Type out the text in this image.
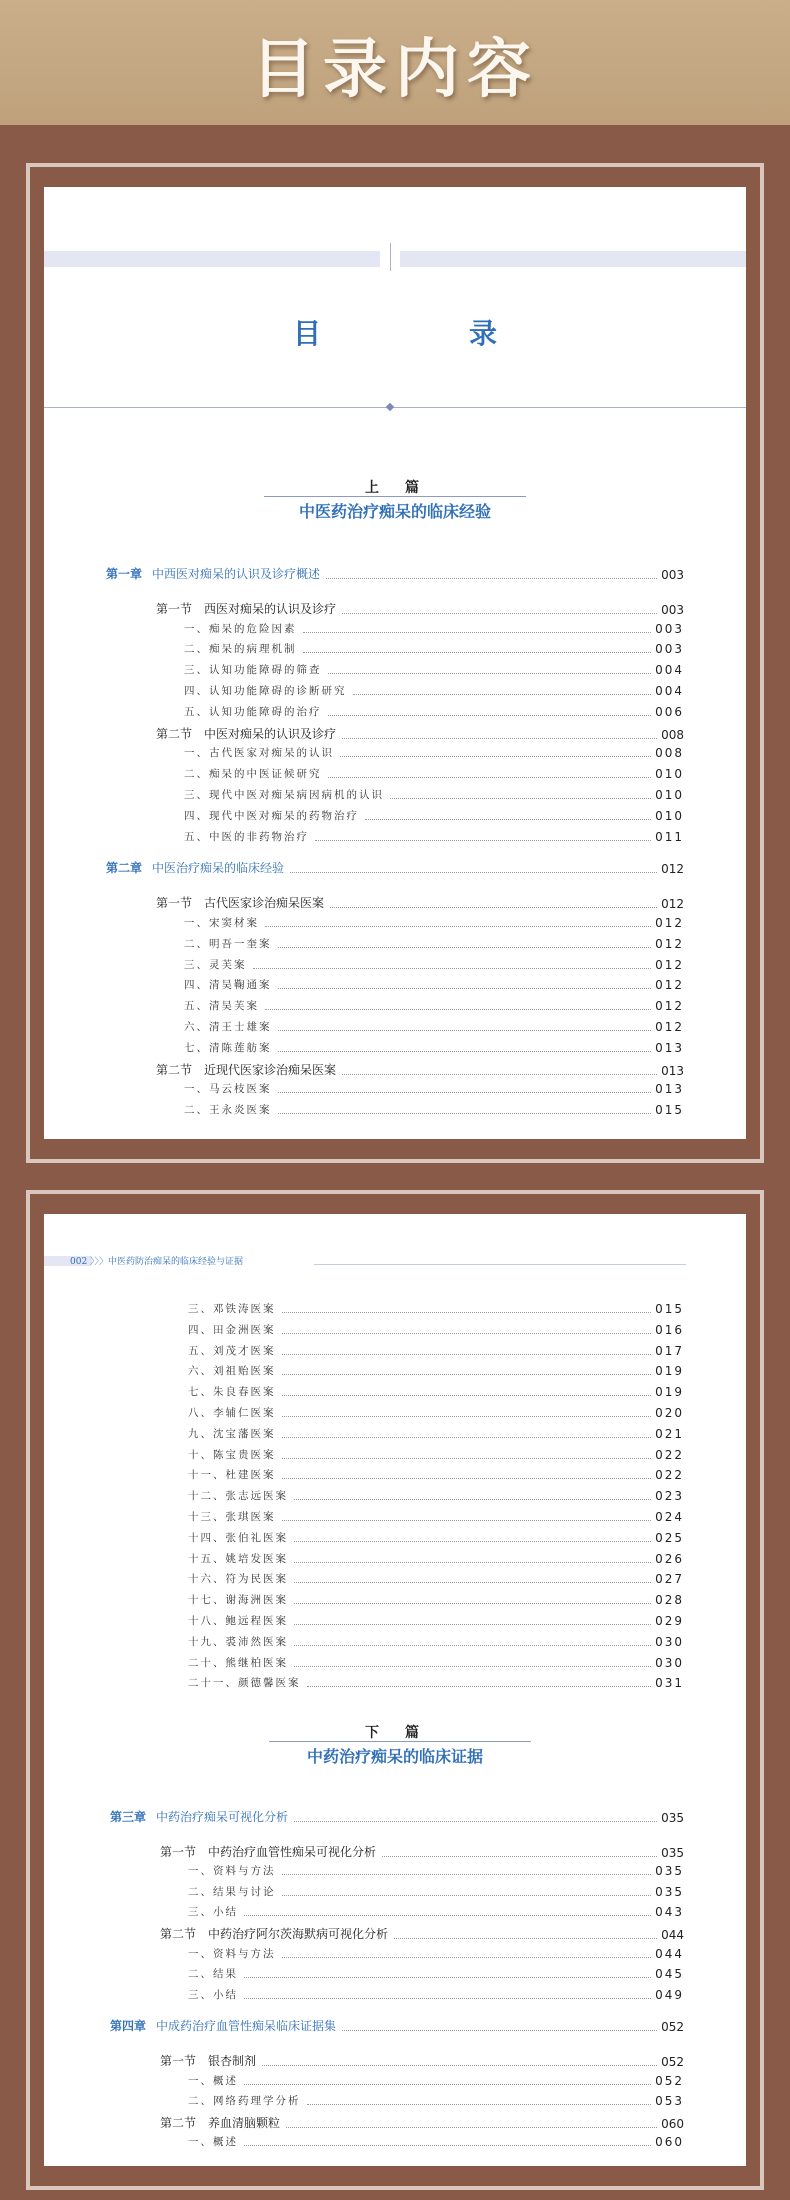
目录内容
目　录
上　篇
中医药治疗痴呆的临床经验
第一章 中西医对痴呆的认识及诊疗概述	003
第一节　西医对痴呆的认识及诊疗	003
一、痴呆的危险因素	003
二、痴呆的病理机制	003
三、认知功能障碍的筛查	004
四、认知功能障碍的诊断研究	004
五、认知功能障碍的治疗	006
第二节　中医对痴呆的认识及诊疗	008
一、古代医家对痴呆的认识	008
二、痴呆的中医证候研究	010
三、现代中医对痴呆病因病机的认识	010
四、现代中医对痴呆的药物治疗	010
五、中医的非药物治疗	011
第二章 中医治疗痴呆的临床经验	012
第一节　古代医家诊治痴呆医案	012
一、宋窦材案	012
二、明吾一奎案	012
三、灵芙案	012
四、清吴鞠通案	012
五、清吴芙案	012
六、清王士雄案	012
七、清陈莲舫案	013
第二节　近现代医家诊治痴呆医案	013
一、马云枝医案	013
二、王永炎医案	015
002 〉〉〉中医药防治痴呆的临床经验与证据
三、邓铁涛医案	015
四、田金洲医案	016
五、刘茂才医案	017
六、刘祖贻医案	019
七、朱良春医案	019
八、李辅仁医案	020
九、沈宝藩医案	021
十、陈宝贵医案	022
十一、杜建医案	022
十二、张志远医案	023
十三、张琪医案	024
十四、张伯礼医案	025
十五、姚培发医案	026
十六、符为民医案	027
十七、谢海洲医案	028
十八、鲍远程医案	029
十九、裘沛然医案	030
二十、熊继柏医案	030
二十一、颜德馨医案	031
下　篇
中药治疗痴呆的临床证据
第三章 中药治疗痴呆可视化分析	035
第一节　中药治疗血管性痴呆可视化分析	035
一、资料与方法	035
二、结果与讨论	035
三、小结	043
第二节　中药治疗阿尔茨海默病可视化分析	044
一、资料与方法	044
二、结果	045
三、小结	049
第四章 中成药治疗血管性痴呆临床证据集	052
第一节　银杏制剂	052
一、概述	052
二、网络药理学分析	053
第二节　养血清脑颗粒	060
一、概述	060
